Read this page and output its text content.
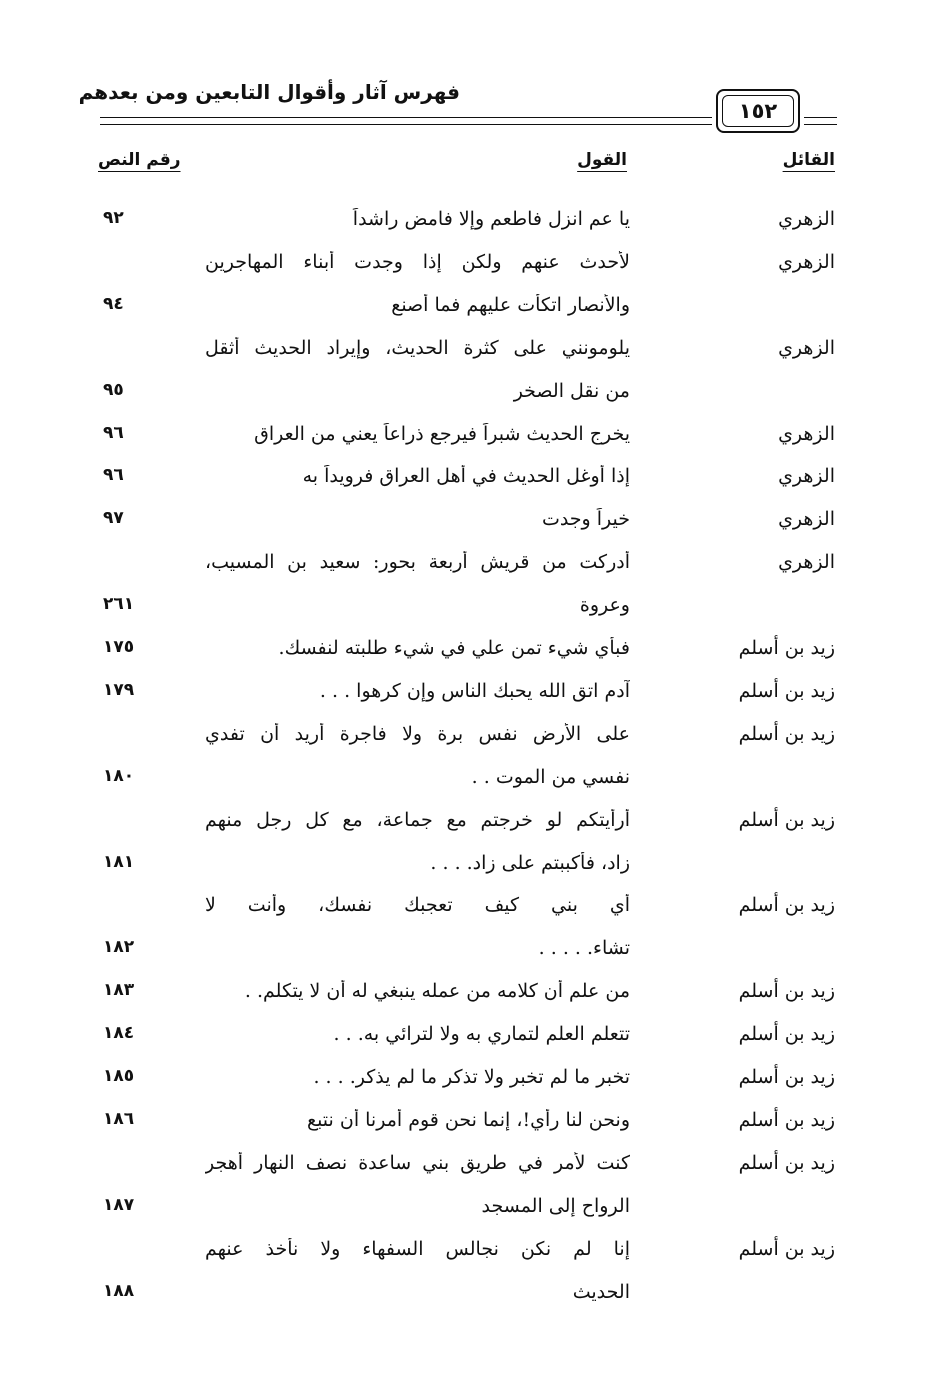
فهرس آثار وأقوال التابعين ومن بعدهم
١٥٢
القائل
القول
رقم النص
الزهري
يا عم انزل فاطعم وإلا فامض راشداً
٩٢
الزهري
لأحدث عنهم ولكن إذا وجدت أبناء المهاجرين
والأنصار اتكأت عليهم فما أصنع
٩٤
الزهري
يلومونني على كثرة الحديث، وإيراد الحديث أثقل
من نقل الصخر
٩٥
الزهري
يخرج الحديث شبراً فيرجع ذراعاً يعني من العراق
٩٦
الزهري
إذا أوغل الحديث في أهل العراق فرويداً به
٩٦
الزهري
خيراً وجدت
٩٧
الزهري
أدركت من قريش أربعة بحور: سعيد بن المسيب،
وعروة
٢٦١
زيد بن أسلم
فبأي شيء تمن علي في شيء طلبته لنفسك.
١٧٥
زيد بن أسلم
آدم اتق الله يحبك الناس وإن كرهوا . . .
١٧٩
زيد بن أسلم
على الأرض نفس برة ولا فاجرة أريد أن تفدي
نفسي من الموت . .
١٨٠
زيد بن أسلم
أرأيتكم لو خرجتم مع جماعة، مع كل رجل منهم
زاد، فأكببتم على زاد. . . .
١٨١
زيد بن أسلم
أي بني كيف تعجبك نفسك، وأنت لا
تشاء. . . . .
١٨٢
زيد بن أسلم
من علم أن كلامه من عمله ينبغي له أن لا يتكلم. .
١٨٣
زيد بن أسلم
تتعلم العلم لتماري به ولا لترائي به. . .
١٨٤
زيد بن أسلم
تخبر ما لم تخبر ولا تذكر ما لم يذكر. . . .
١٨٥
زيد بن أسلم
ونحن لنا رأي!، إنما نحن قوم أمرنا أن نتبع
١٨٦
زيد بن أسلم
كنت لأمر في طريق بني ساعدة نصف النهار أهجر
الرواح إلى المسجد
١٨٧
زيد بن أسلم
إنا لم نكن نجالس السفهاء ولا نأخذ عنهم
الحديث
١٨٨
